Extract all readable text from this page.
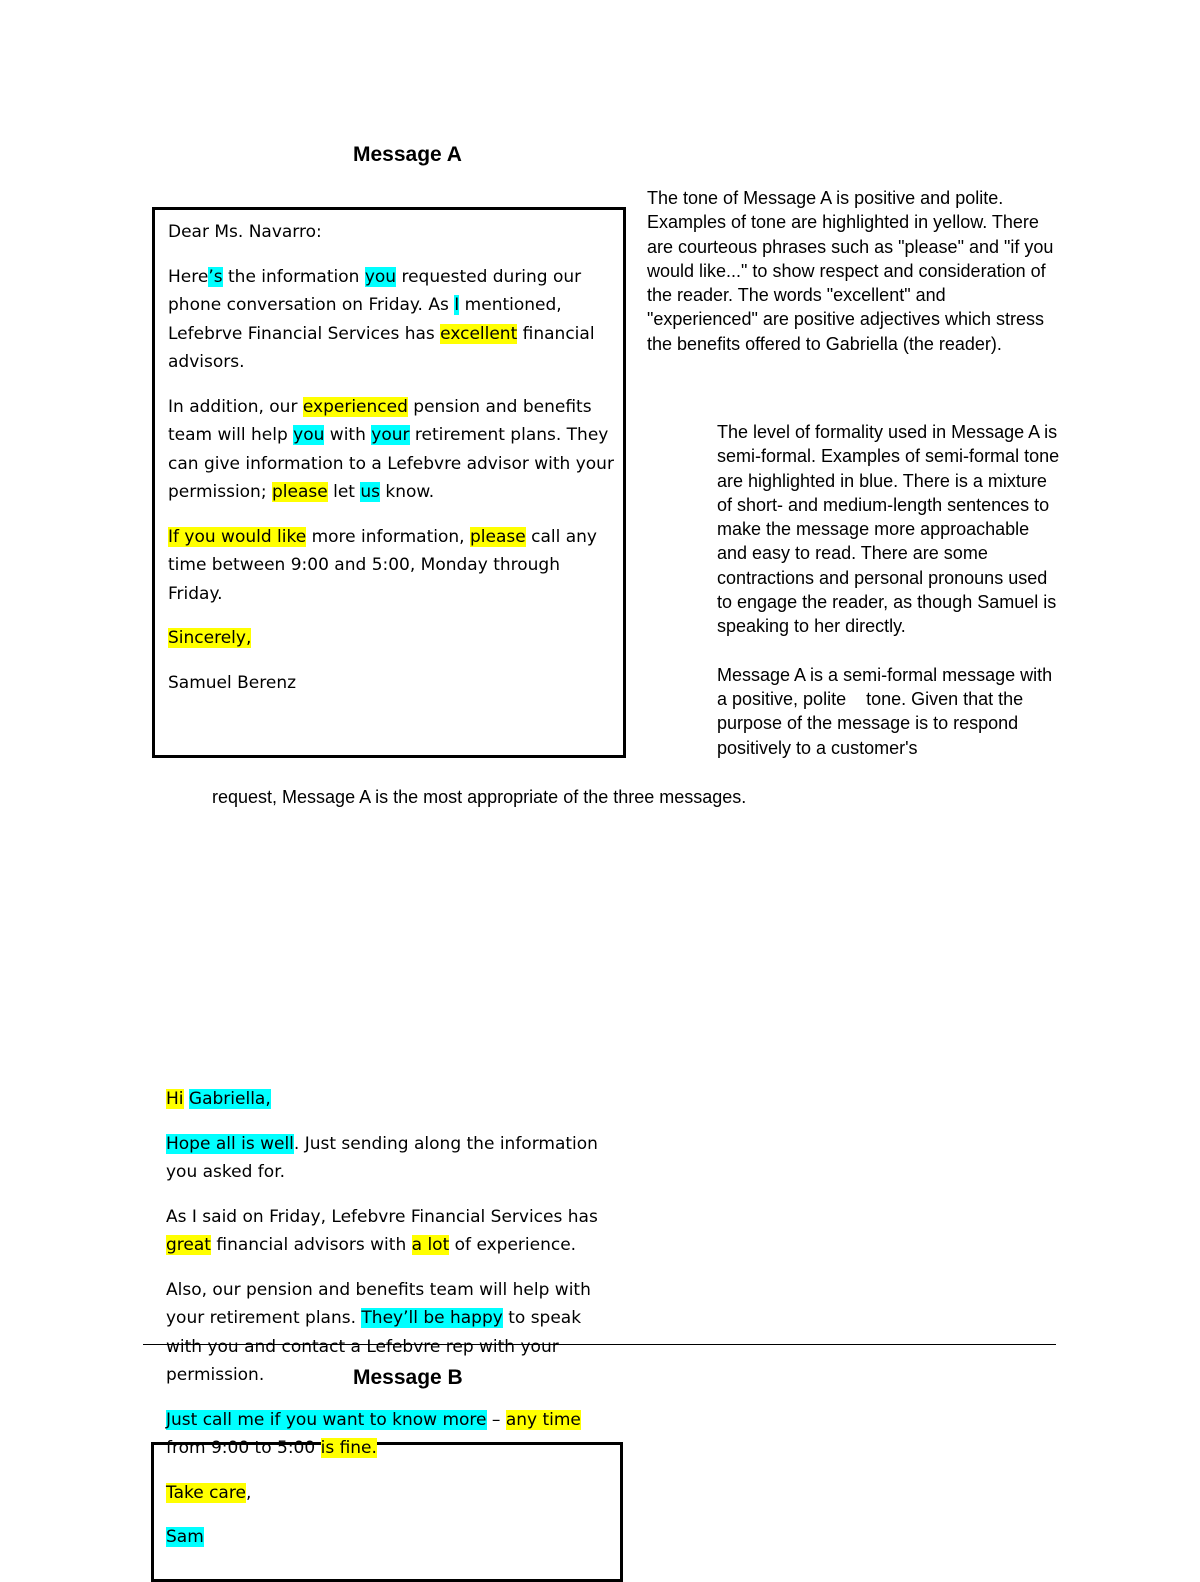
Message A

Dear Ms. Navarro:

Here’s the information you requested during our phone conversation on Friday. As I mentioned, Lefebrve Financial Services has excellent financial advisors.

In addition, our experienced pension and benefits team will help you with your retirement plans. They can give information to a Lefebvre advisor with your permission; please let us know.

If you would like more information, please call any time between 9:00 and 5:00, Monday through Friday.

Sincerely,

Samuel Berenz

The tone of Message A is positive and polite. Examples of tone are highlighted in yellow. There are courteous phrases such as "please" and "if you would like..." to show respect and consideration of the reader. The words "excellent" and "experienced" are positive adjectives which stress the benefits offered to Gabriella (the reader).

The level of formality used in Message A is semi-formal. Examples of semi-formal tone are highlighted in blue. There is a mixture of short- and medium-length sentences to make the message more approachable and easy to read. There are some contractions and personal pronouns used to engage the reader, as though Samuel is speaking to her directly.

Message A is a semi-formal message with a positive, polite    tone. Given that the purpose of the message is to respond positively to a customer's

request, Message A is the most appropriate of the three messages.

Message B

Hi Gabriella,

Hope all is well. Just sending along the information you asked for.

As I said on Friday, Lefebvre Financial Services has great financial advisors with a lot of experience.

Also, our pension and benefits team will help with your retirement plans. They’ll be happy to speak with you and contact a Lefebvre rep with your permission.

Just call me if you want to know more – any time from 9:00 to 5:00 is fine.

Take care,

Sam
